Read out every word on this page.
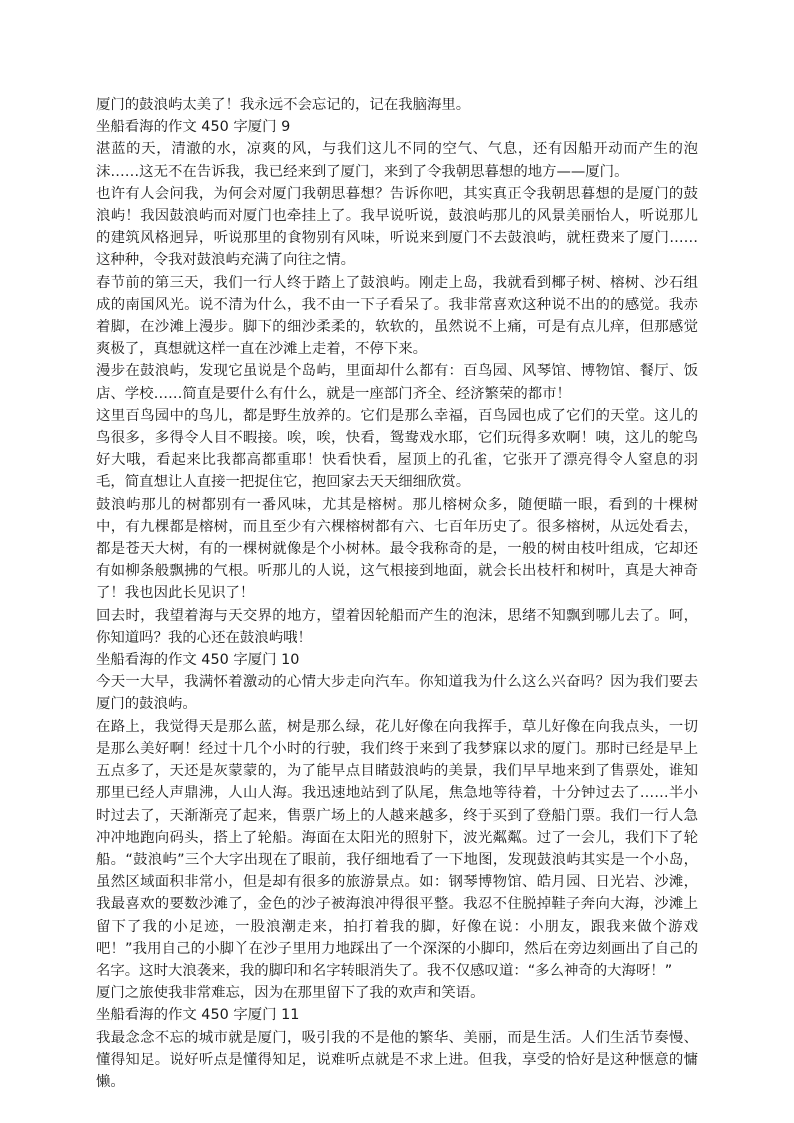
厦门的鼓浪屿太美了！我永远不会忘记的，记在我脑海里。

坐船看海的作文 450 字厦门 9

湛蓝的天，清澈的水，凉爽的风，与我们这儿不同的空气、气息，还有因船开动而产生的泡沫……这无不在告诉我，我已经来到了厦门，来到了令我朝思暮想的地方——厦门。

也许有人会问我，为何会对厦门我朝思暮想？告诉你吧，其实真正令我朝思暮想的是厦门的鼓浪屿！我因鼓浪屿而对厦门也牵挂上了。我早说听说，鼓浪屿那儿的风景美丽怡人，听说那儿的建筑风格迥异，听说那里的食物别有风味，听说来到厦门不去鼓浪屿，就枉费来了厦门……这种种，令我对鼓浪屿充满了向往之情。

春节前的第三天，我们一行人终于踏上了鼓浪屿。刚走上岛，我就看到椰子树、榕树、沙石组成的南国风光。说不清为什么，我不由一下子看呆了。我非常喜欢这种说不出的的感觉。我赤着脚，在沙滩上漫步。脚下的细沙柔柔的，软软的，虽然说不上痛，可是有点儿痒，但那感觉爽极了，真想就这样一直在沙滩上走着，不停下来。

漫步在鼓浪屿，发现它虽说是个岛屿，里面却什么都有：百鸟园、风琴馆、博物馆、餐厅、饭店、学校……简直是要什么有什么，就是一座部门齐全、经济繁荣的都市！

这里百鸟园中的鸟儿，都是野生放养的。它们是那么幸福，百鸟园也成了它们的天堂。这儿的鸟很多，多得令人目不暇接。唉，唉，快看，鸳鸯戏水耶，它们玩得多欢啊！咦，这儿的鸵鸟好大哦，看起来比我都高都重耶！快看快看，屋顶上的孔雀，它张开了漂亮得令人窒息的羽毛，简直想让人直接一把捉住它，抱回家去天天细细欣赏。

鼓浪屿那儿的树都别有一番风味，尤其是榕树。那儿榕树众多，随便瞄一眼，看到的十棵树中，有九棵都是榕树，而且至少有六棵榕树都有六、七百年历史了。很多榕树，从远处看去，都是苍天大树，有的一棵树就像是个小树林。最令我称奇的是，一般的树由枝叶组成，它却还有如柳条般飘拂的气根。听那儿的人说，这气根接到地面，就会长出枝杆和树叶，真是大神奇了！我也因此长见识了！

回去时，我望着海与天交界的地方，望着因轮船而产生的泡沫，思绪不知飘到哪儿去了。呵，你知道吗？我的心还在鼓浪屿哦！

坐船看海的作文 450 字厦门 10

今天一大早，我满怀着激动的心情大步走向汽车。你知道我为什么这么兴奋吗？因为我们要去厦门的鼓浪屿。

在路上，我觉得天是那么蓝，树是那么绿，花儿好像在向我挥手，草儿好像在向我点头，一切是那么美好啊！经过十几个小时的行驶，我们终于来到了我梦寐以求的厦门。那时已经是早上五点多了，天还是灰蒙蒙的，为了能早点目睹鼓浪屿的美景，我们早早地来到了售票处，谁知那里已经人声鼎沸，人山人海。我迅速地站到了队尾，焦急地等待着，十分钟过去了……半小时过去了，天渐渐亮了起来，售票广场上的人越来越多，终于买到了登船门票。我们一行人急冲冲地跑向码头，搭上了轮船。海面在太阳光的照射下，波光粼粼。过了一会儿，我们下了轮船。“鼓浪屿”三个大字出现在了眼前，我仔细地看了一下地图，发现鼓浪屿其实是一个小岛，虽然区域面积非常小，但是却有很多的旅游景点。如：钢琴博物馆、皓月园、日光岩、沙滩，我最喜欢的要数沙滩了，金色的沙子被海浪冲得很平整。我忍不住脱掉鞋子奔向大海，沙滩上留下了我的小足迹，一股浪潮走来，拍打着我的脚，好像在说：小朋友，跟我来做个游戏吧！”我用自己的小脚丫在沙子里用力地踩出了一个深深的小脚印，然后在旁边刻画出了自己的名字。这时大浪袭来，我的脚印和名字转眼消失了。我不仅感叹道：“多么神奇的大海呀！”

厦门之旅使我非常难忘，因为在那里留下了我的欢声和笑语。

坐船看海的作文 450 字厦门 11

我最念念不忘的城市就是厦门，吸引我的不是他的繁华、美丽，而是生活。人们生活节奏慢、懂得知足。说好听点是懂得知足，说难听点就是不求上进。但我，享受的恰好是这种惬意的慵懒。
